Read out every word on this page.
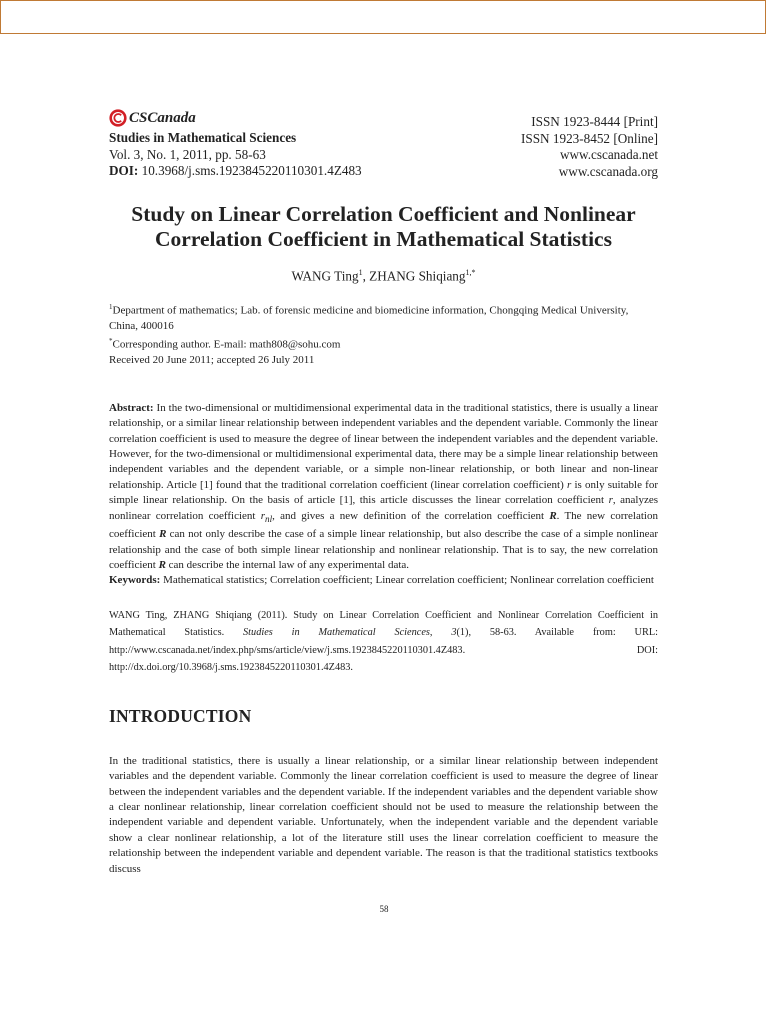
CSCanada
Studies in Mathematical Sciences
Vol. 3, No. 1, 2011, pp. 58-63
DOI: 10.3968/j.sms.1923845220110301.4Z483
ISSN 1923-8444 [Print]
ISSN 1923-8452 [Online]
www.cscanada.net
www.cscanada.org
Study on Linear Correlation Coefficient and Nonlinear
Correlation Coefficient in Mathematical Statistics
WANG Ting$^1$, ZHANG Shiqiang$^{1,*}$
$^1$Department of mathematics; Lab. of forensic medicine and biomedicine information, Chongqing Medical University, China, 400016
*Corresponding author. E-mail: math808@sohu.com
Received 20 June 2011; accepted 26 July 2011

Abstract: In the two-dimensional or multidimensional experimental data in the traditional statistics, there is usually a linear relationship, or a similar linear relationship between independent variables and the dependent variable. Commonly the linear correlation coefficient is used to measure the degree of linear between the independent variables and the dependent variable. However, for the two-dimensional or multidimensional experimental data, there may be a simple linear relationship between independent variables and the dependent variable, or a simple non-linear relationship, or both linear and non-linear relationship. Article [1] found that the traditional correlation coefficient (linear correlation coefficient) r is only suitable for simple linear relationship. On the basis of article [1], this article discusses the linear correlation coefficient r, analyzes nonlinear correlation coefficient $r_{nl}$, and gives a new definition of the correlation coefficient R. The new correlation coefficient R can not only describe the case of a simple linear relationship, but also describe the case of a simple nonlinear relationship and the case of both simple linear relationship and nonlinear relationship. That is to say, the new correlation coefficient R can describe the internal law of any experimental data.

Keywords: Mathematical statistics; Correlation coefficient; Linear correlation coefficient; Nonlinear correlation coefficient

WANG Ting, ZHANG Shiqiang (2011). Study on Linear Correlation Coefficient and Nonlinear Correlation Coefficient in Mathematical Statistics. Studies in Mathematical Sciences, 3(1), 58-63. Available from: URL: http://www.cscanada.net/index.php/sms/article/view/j.sms.1923845220110301.4Z483. DOI: http://dx.doi.org/10.3968/j.sms.1923845220110301.4Z483.
INTRODUCTION
In the traditional statistics, there is usually a linear relationship, or a similar linear relationship between independent variables and the dependent variable. Commonly the linear correlation coefficient is used to measure the degree of linear between the independent variables and the dependent variable. If the independent variables and the dependent variable show a clear nonlinear relationship, linear correlation coefficient should not be used to measure the relationship between the independent variable and dependent variable. Unfortunately, when the independent variable and the dependent variable show a clear nonlinear relationship, a lot of the literature still uses the linear correlation coefficient to measure the relationship between the independent variable and dependent variable. The reason is that the traditional statistics textbooks discuss
58
